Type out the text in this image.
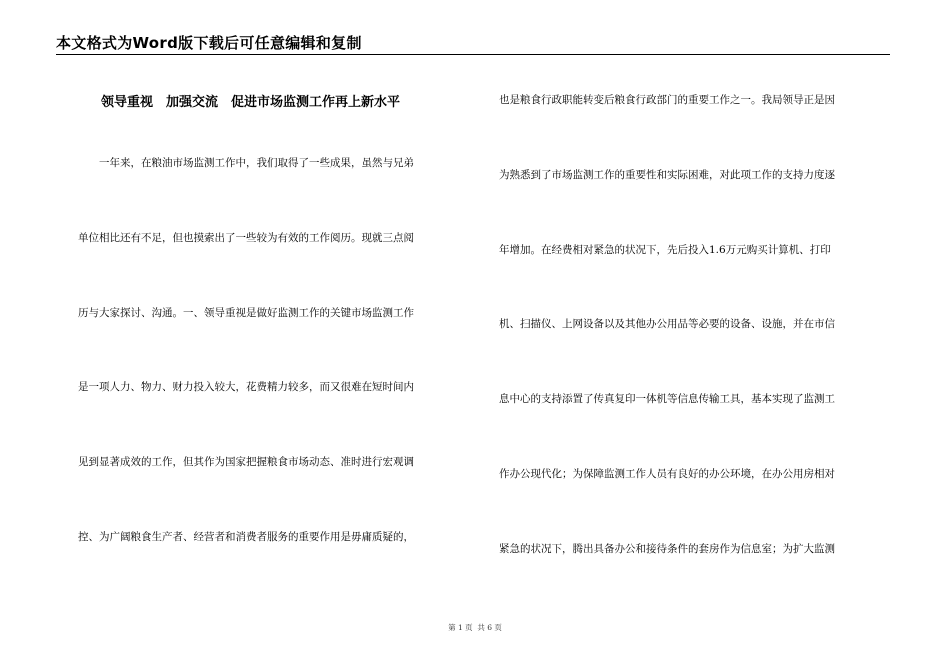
本文格式为Word版下载后可任意编辑和复制
领导重视　加强交流　促进市场监测工作再上新水平
一年来，在粮油市场监测工作中，我们取得了一些成果，虽然与兄弟
单位相比还有不足，但也摸索出了一些较为有效的工作阅历。现就三点阅
历与大家探讨、沟通。一、领导重视是做好监测工作的关键市场监测工作
是一项人力、物力、财力投入较大，花费精力较多，而又很难在短时间内
见到显著成效的工作，但其作为国家把握粮食市场动态、准时进行宏观调
控、为广阔粮食生产者、经营者和消费者服务的重要作用是毋庸质疑的，
也是粮食行政职能转变后粮食行政部门的重要工作之一。我局领导正是因
为熟悉到了市场监测工作的重要性和实际困难，对此项工作的支持力度逐
年增加。在经费相对紧急的状况下，先后投入1.6万元购买计算机、打印
机、扫描仪、上网设备以及其他办公用品等必要的设备、设施，并在市信
息中心的支持添置了传真复印一体机等信息传输工具，基本实现了监测工
作办公现代化；为保障监测工作人员有良好的办公环境，在办公用房相对
紧急的状况下，腾出具备办公和接待条件的套房作为信息室；为扩大监测
第 1 页  共 6 页
